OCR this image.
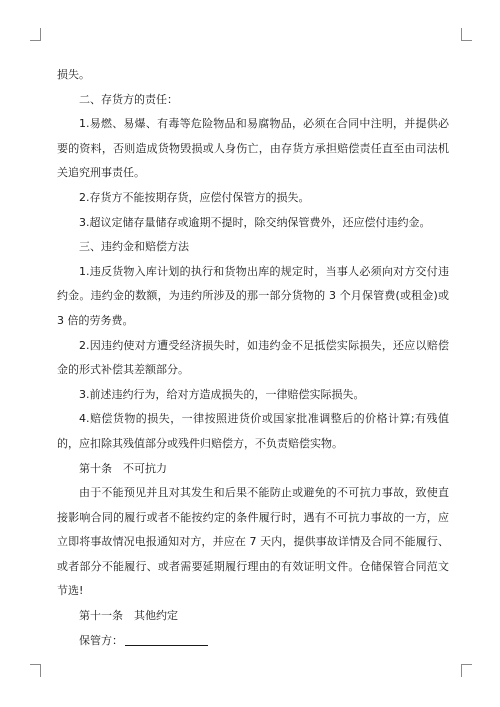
损失。

二、存货方的责任：

1.易燃、易爆、有毒等危险物品和易腐物品，必须在合同中注明，并提供必要的资料，否则造成货物毁损或人身伤亡，由存货方承担赔偿责任直至由司法机关追究刑事责任。

2.存货方不能按期存货，应偿付保管方的损失。

3.超议定储存量储存或逾期不提时，除交纳保管费外，还应偿付违约金。

三、违约金和赔偿方法

1.违反货物入库计划的执行和货物出库的规定时，当事人必须向对方交付违约金。违约金的数额，为违约所涉及的那一部分货物的 3 个月保管费(或租金)或 3 倍的劳务费。

2.因违约使对方遭受经济损失时，如违约金不足抵偿实际损失，还应以赔偿金的形式补偿其差额部分。

3.前述违约行为，给对方造成损失的，一律赔偿实际损失。

4.赔偿货物的损失，一律按照进货价或国家批准调整后的价格计算;有残值的，应扣除其残值部分或残件归赔偿方，不负责赔偿实物。

第十条　不可抗力

由于不能预见并且对其发生和后果不能防止或避免的不可抗力事故，致使直接影响合同的履行或者不能按约定的条件履行时，遇有不可抗力事故的一方，应立即将事故情况电报通知对方，并应在 7 天内，提供事故详情及合同不能履行、或者部分不能履行、或者需要延期履行理由的有效证明文件。仓储保管合同范文节选!

第十一条　其他约定

保管方：
